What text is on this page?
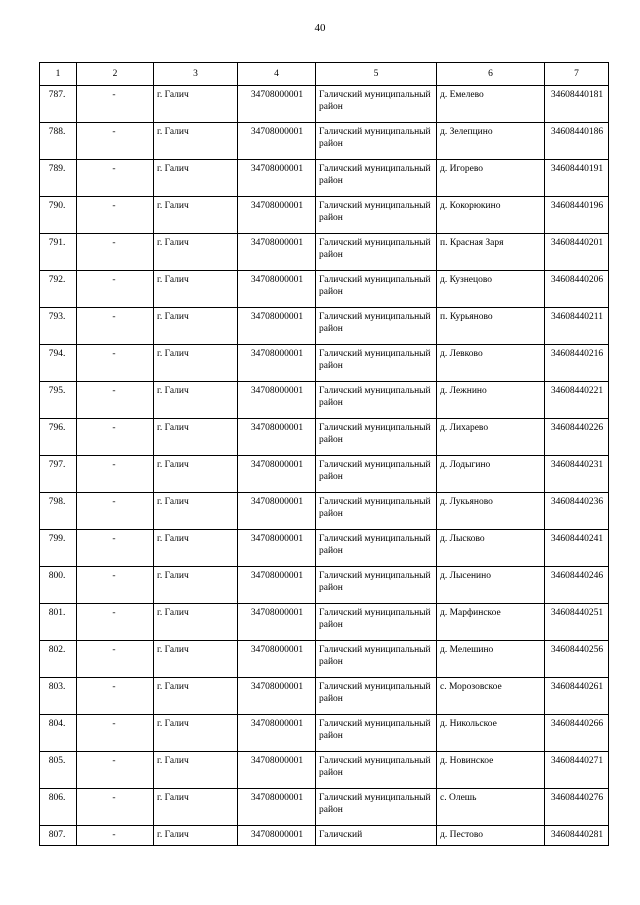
40
1	2	3	4	5	6	7
787.	-	г. Галич	34708000001	Галичский муниципальный район	д. Емелево	34608440181
788.	-	г. Галич	34708000001	Галичский муниципальный район	д. Зелепцино	34608440186
789.	-	г. Галич	34708000001	Галичский муниципальный район	д. Игорево	34608440191
790.	-	г. Галич	34708000001	Галичский муниципальный район	д. Кокорюкино	34608440196
791.	-	г. Галич	34708000001	Галичский муниципальный район	п. Красная Заря	34608440201
792.	-	г. Галич	34708000001	Галичский муниципальный район	д. Кузнецово	34608440206
793.	-	г. Галич	34708000001	Галичский муниципальный район	п. Курьяново	34608440211
794.	-	г. Галич	34708000001	Галичский муниципальный район	д. Левково	34608440216
795.	-	г. Галич	34708000001	Галичский муниципальный район	д. Лежнино	34608440221
796.	-	г. Галич	34708000001	Галичский муниципальный район	д. Лихарево	34608440226
797.	-	г. Галич	34708000001	Галичский муниципальный район	д. Лодыгино	34608440231
798.	-	г. Галич	34708000001	Галичский муниципальный район	д. Лукьяново	34608440236
799.	-	г. Галич	34708000001	Галичский муниципальный район	д. Лысково	34608440241
800.	-	г. Галич	34708000001	Галичский муниципальный район	д. Лысенино	34608440246
801.	-	г. Галич	34708000001	Галичский муниципальный район	д. Марфинское	34608440251
802.	-	г. Галич	34708000001	Галичский муниципальный район	д. Мелешино	34608440256
803.	-	г. Галич	34708000001	Галичский муниципальный район	с. Морозовское	34608440261
804.	-	г. Галич	34708000001	Галичский муниципальный район	д. Никольское	34608440266
805.	-	г. Галич	34708000001	Галичский муниципальный район	д. Новинское	34608440271
806.	-	г. Галич	34708000001	Галичский муниципальный район	с. Олешь	34608440276
807.	-	г. Галич	34708000001	Галичский	д. Пестово	34608440281
